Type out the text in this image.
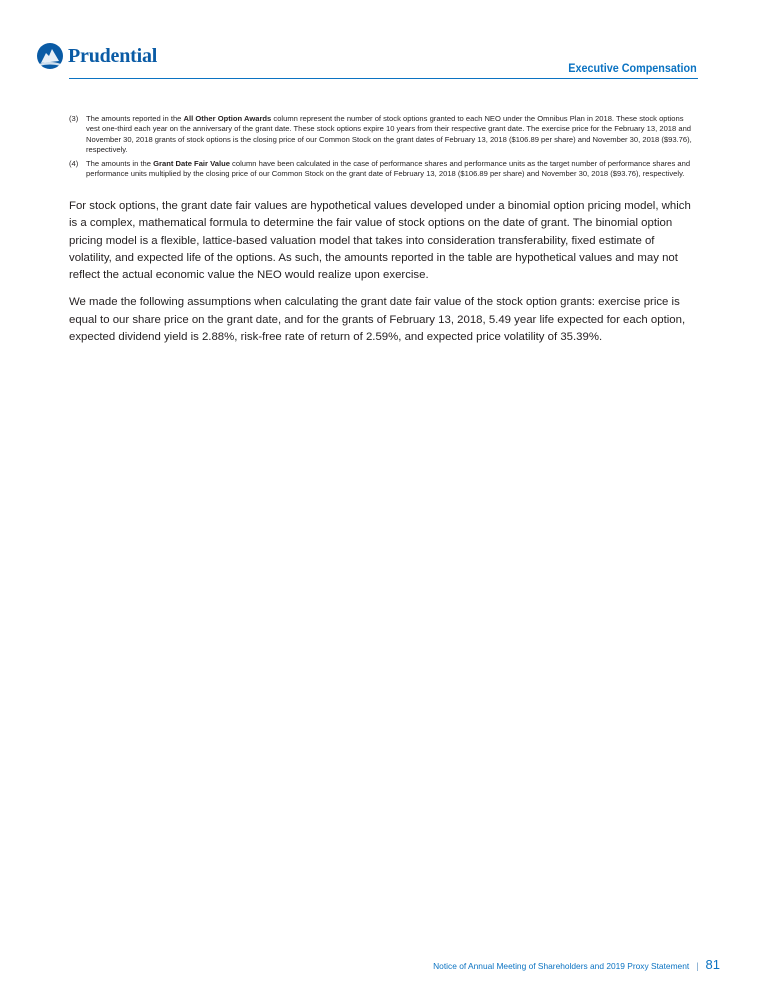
Prudential
Executive Compensation
(3)	The amounts reported in the All Other Option Awards column represent the number of stock options granted to each NEO under the Omnibus Plan in 2018. These stock options vest one-third each year on the anniversary of the grant date. These stock options expire 10 years from their respective grant date. The exercise price for the February 13, 2018 and November 30, 2018 grants of stock options is the closing price of our Common Stock on the grant dates of February 13, 2018 ($106.89 per share) and November 30, 2018 ($93.76), respectively.
(4)	The amounts in the Grant Date Fair Value column have been calculated in the case of performance shares and performance units as the target number of performance shares and performance units multiplied by the closing price of our Common Stock on the grant date of February 13, 2018 ($106.89 per share) and November 30, 2018 ($93.76), respectively.

For stock options, the grant date fair values are hypothetical values developed under a binomial option pricing model, which is a complex, mathematical formula to determine the fair value of stock options on the date of grant. The binomial option pricing model is a flexible, lattice-based valuation model that takes into consideration transferability, fixed estimate of volatility, and expected life of the options. As such, the amounts reported in the table are hypothetical values and may not reflect the actual economic value the NEO would realize upon exercise.

We made the following assumptions when calculating the grant date fair value of the stock option grants: exercise price is equal to our share price on the grant date, and for the grants of February 13, 2018, 5.49 year life expected for each option, expected dividend yield is 2.88%, risk-free rate of return of 2.59%, and expected price volatility of 35.39%.

Notice of Annual Meeting of Shareholders and 2019 Proxy Statement | 81
